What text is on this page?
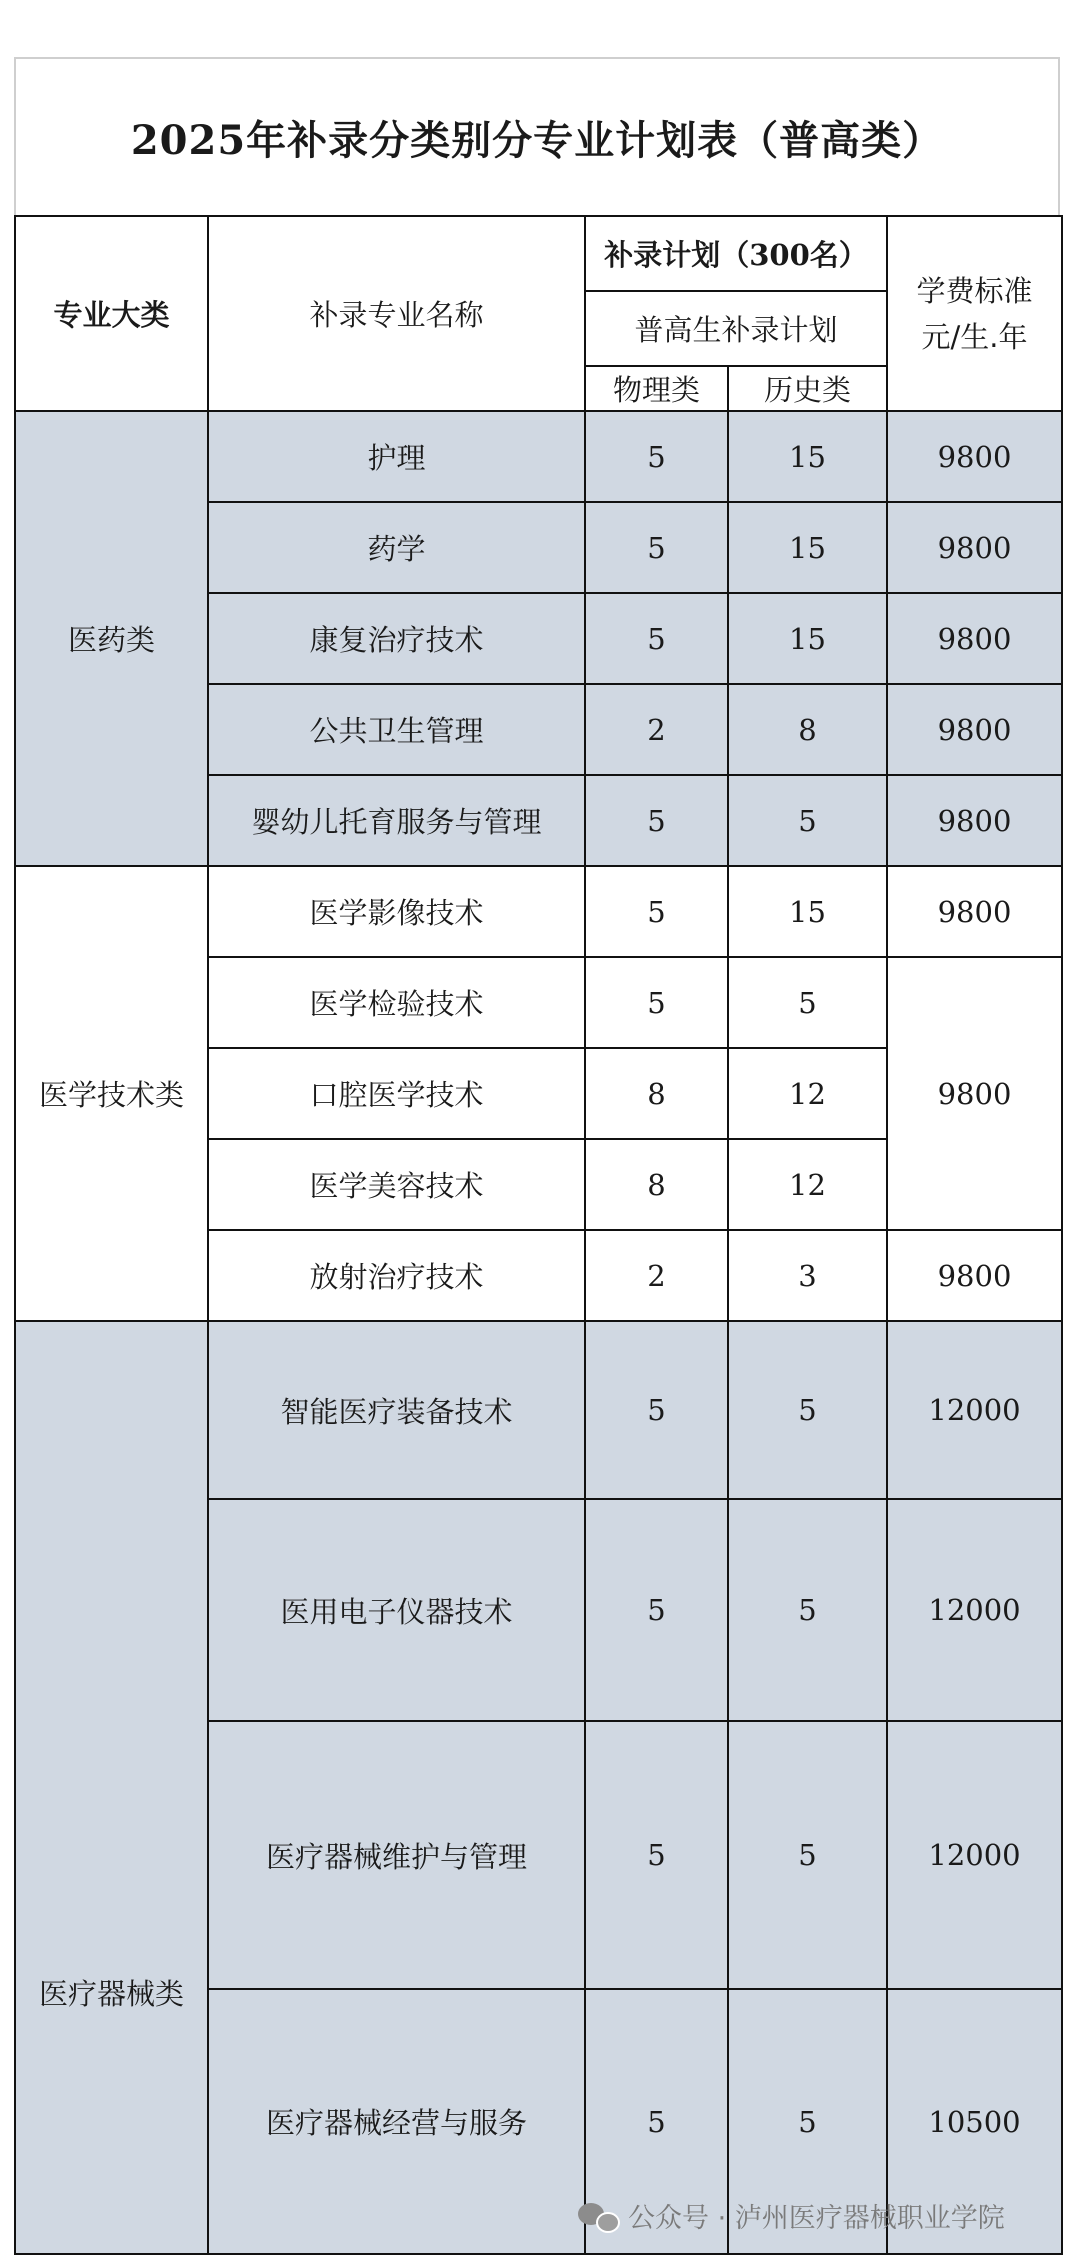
2025年补录分类别分专业计划表（普高类）
专业大类	补录专业名称	补录计划（300名）		学费标准
元/生.年

		普高生补录计划		
		物理类	历史类	
医药类	护理	5	15	9800
	药学	5	15	9800
	康复治疗技术	5	15	9800
	公共卫生管理	2	8	9800
	婴幼儿托育服务与管理	5	5	9800
医学技术类	医学影像技术	5	15	9800
	医学检验技术	5	5	9800
	口腔医学技术	8	12	
	医学美容技术	8	12	
	放射治疗技术	2	3	9800
医疗器械类	智能医疗装备技术	5	5	12000
	医用电子仪器技术	5	5	12000
	医疗器械维护与管理	5	5	12000
	医疗器械经营与服务	5	5	10500
公众号 · 泸州医疗器械职业学院
